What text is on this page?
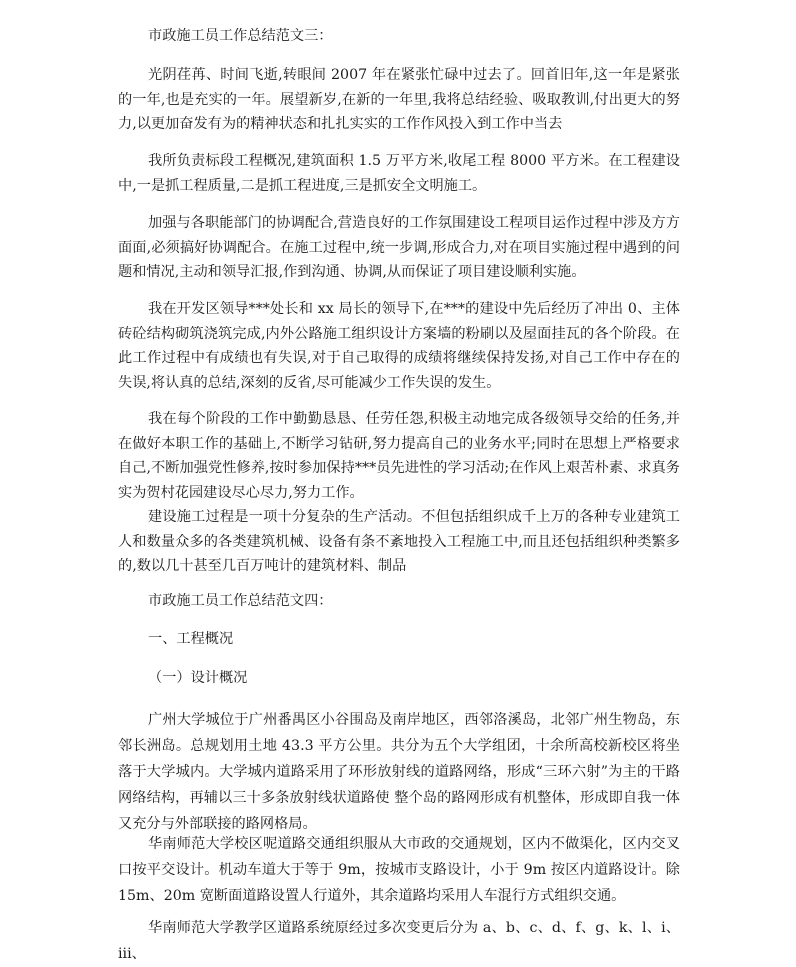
市政施工员工作总结范文三：
光阴荏苒、时间飞逝,转眼间 2007 年在紧张忙碌中过去了。回首旧年,这一年是紧张的一年,也是充实的一年。展望新岁,在新的一年里,我将总结经验、吸取教训,付出更大的努力,以更加奋发有为的精神状态和扎扎实实的工作作风投入到工作中当去
我所负责标段工程概况,建筑面积 1.5 万平方米,收尾工程 8000 平方米。在工程建设中,一是抓工程质量,二是抓工程进度,三是抓安全文明施工。
加强与各职能部门的协调配合,营造良好的工作氛围建设工程项目运作过程中涉及方方面面,必须搞好协调配合。在施工过程中,统一步调,形成合力,对在项目实施过程中遇到的问题和情况,主动和领导汇报,作到沟通、协调,从而保证了项目建设顺利实施。
我在开发区领导***处长和 xx 局长的领导下,在***的建设中先后经历了冲出 0、主体砖砼结构砌筑浇筑完成,内外公路施工组织设计方案墙的粉刷以及屋面挂瓦的各个阶段。在此工作过程中有成绩也有失误,对于自己取得的成绩将继续保持发扬,对自己工作中存在的失误,将认真的总结,深刻的反省,尽可能减少工作失误的发生。
我在每个阶段的工作中勤勤恳恳、任劳任怨,积极主动地完成各级领导交给的任务,并在做好本职工作的基础上,不断学习钻研,努力提高自己的业务水平;同时在思想上严格要求自己,不断加强党性修养,按时参加保持***员先进性的学习活动;在作风上艰苦朴素、求真务实为贺村花园建设尽心尽力,努力工作。
建设施工过程是一项十分复杂的生产活动。不但包括组织成千上万的各种专业建筑工人和数量众多的各类建筑机械、设备有条不紊地投入工程施工中,而且还包括组织种类繁多的,数以几十甚至几百万吨计的建筑材料、制品
市政施工员工作总结范文四：
一、工程概况
（一）设计概况
广州大学城位于广州番禺区小谷围岛及南岸地区，西邻洛溪岛，北邻广州生物岛，东邻长洲岛。总规划用土地 43.3 平方公里。共分为五个大学组团，十余所高校新校区将坐落于大学城内。大学城内道路采用了环形放射线的道路网络，形成“三环六射”为主的干路网络结构，再辅以三十多条放射线状道路使 整个岛的路网形成有机整体，形成即自我一体又充分与外部联接的路网格局。
华南师范大学校区呢道路交通组织服从大市政的交通规划，区内不做渠化，区内交叉口按平交设计。机动车道大于等于 9m，按城市支路设计，小于 9m 按区内道路设计。除 15m、20m 宽断面道路设置人行道外，其余道路均采用人车混行方式组织交通。
华南师范大学教学区道路系统原经过多次变更后分为 a、b、c、d、f、g、k、l、i、iii、
